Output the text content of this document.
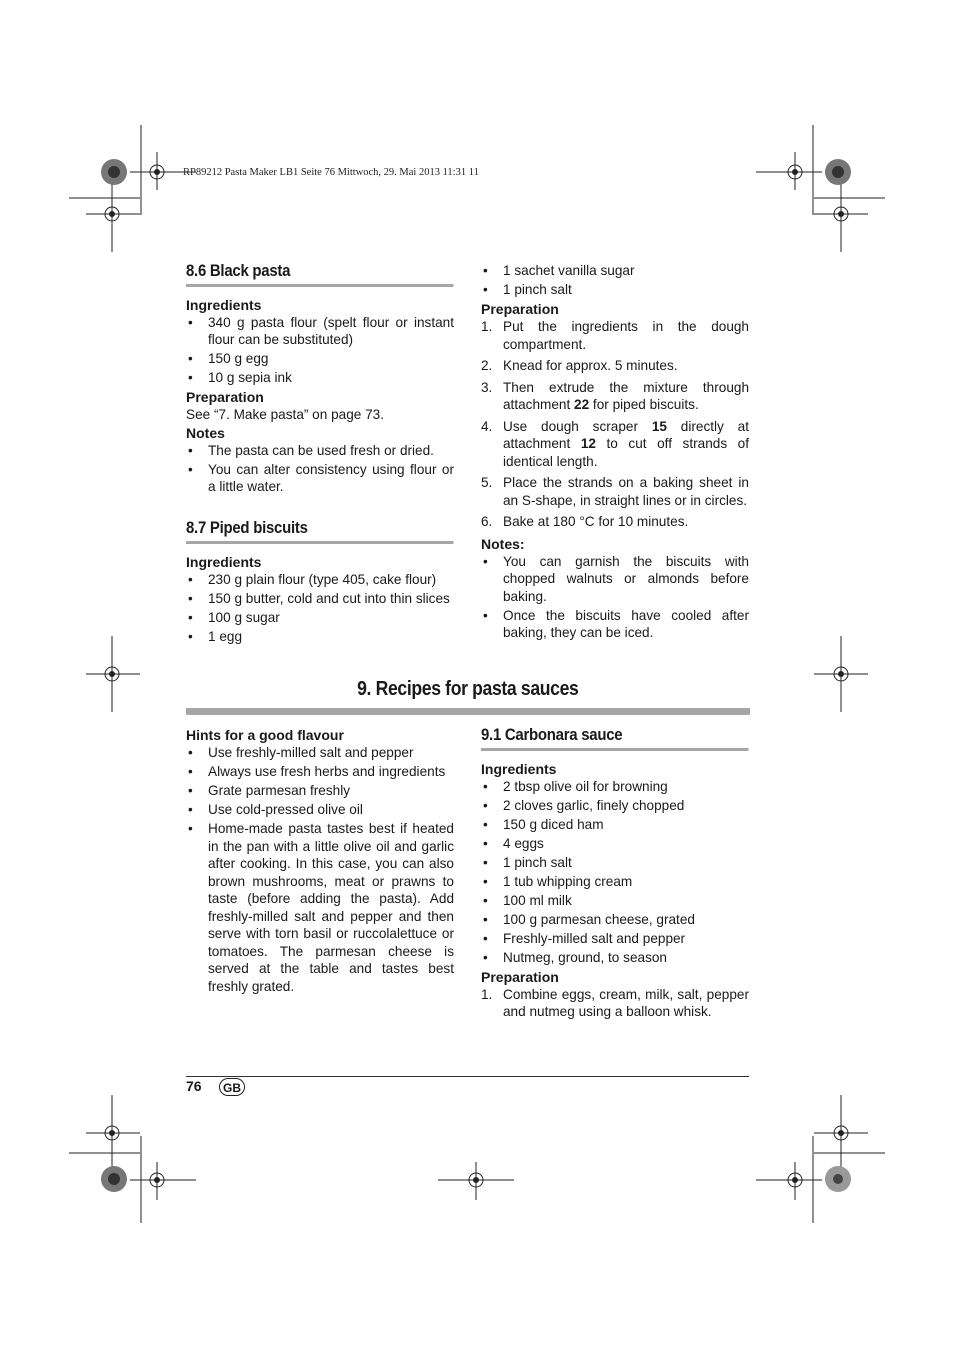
RP89212 Pasta Maker LB1 Seite 76 Mittwoch, 29. Mai 2013 11:31 11
8.6 Black pasta
Ingredients
• 340 g pasta flour (spelt flour or instant flour can be substituted)
• 150 g egg
• 10 g sepia ink
Preparation

See “7. Make pasta” on page 73.

Notes
• The pasta can be used fresh or dried.
• You can alter consistency using flour or a little water.
8.7 Piped biscuits
Ingredients
• 230 g plain flour (type 405, cake flour)
• 150 g butter, cold and cut into thin slices
• 100 g sugar
• 1 egg
• 1 sachet vanilla sugar
• 1 pinch salt
Preparation
1. Put the ingredients in the dough compartment.
2. Knead for approx. 5 minutes.
3. Then extrude the mixture through attachment 22 for piped biscuits.
4. Use dough scraper 15 directly at attachment 12 to cut off strands of identical length.
5. Place the strands on a baking sheet in an S-shape, in straight lines or in circles.
6. Bake at 180 °C for 10 minutes.
Notes:
• You can garnish the biscuits with chopped walnuts or almonds before baking.
• Once the biscuits have cooled after baking, they can be iced.
9. Recipes for pasta sauces
Hints for a good flavour
• Use freshly-milled salt and pepper
• Always use fresh herbs and ingredients
• Grate parmesan freshly
• Use cold-pressed olive oil
• Home-made pasta tastes best if heated in the pan with a little olive oil and garlic after cooking. In this case, you can also brown mushrooms, meat or prawns to taste (before adding the pasta). Add freshly-milled salt and pepper and then serve with torn basil or ruccolalettuce or tomatoes. The parmesan cheese is served at the table and tastes best freshly grated.
9.1 Carbonara sauce
Ingredients
• 2 tbsp olive oil for browning
• 2 cloves garlic, finely chopped
• 150 g diced ham
• 4 eggs
• 1 pinch salt
• 1 tub whipping cream
• 100 ml milk
• 100 g parmesan cheese, grated
• Freshly-milled salt and pepper
• Nutmeg, ground, to season
Preparation
1. Combine eggs, cream, milk, salt, pepper and nutmeg using a balloon whisk.
76	GB
